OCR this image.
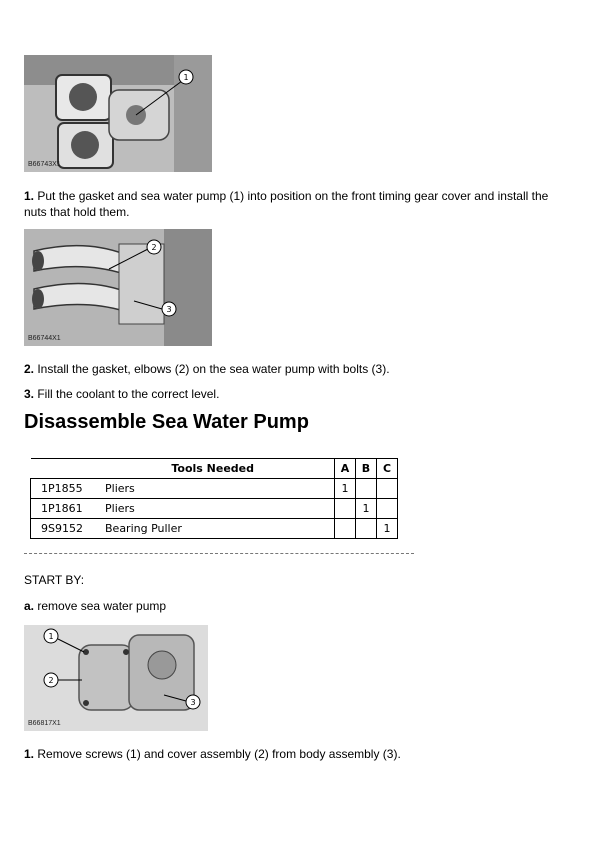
1
B66743X1

1. Put the gasket and sea water pump (1) into position on the front timing gear cover and install the nuts that hold them.

2
3
B66744X1

2. Install the gasket, elbows (2) on the sea water pump with bolts (3).

3. Fill the coolant to the correct level.

Disassemble Sea Water Pump
Tools Needed		A	B	C
1P1855	Pliers	1		
1P1861	Pliers		1	
9S9152	Bearing Puller			1

START BY:

a. remove sea water pump

1
2
3
B66817X1

1. Remove screws (1) and cover assembly (2) from body assembly (3).
